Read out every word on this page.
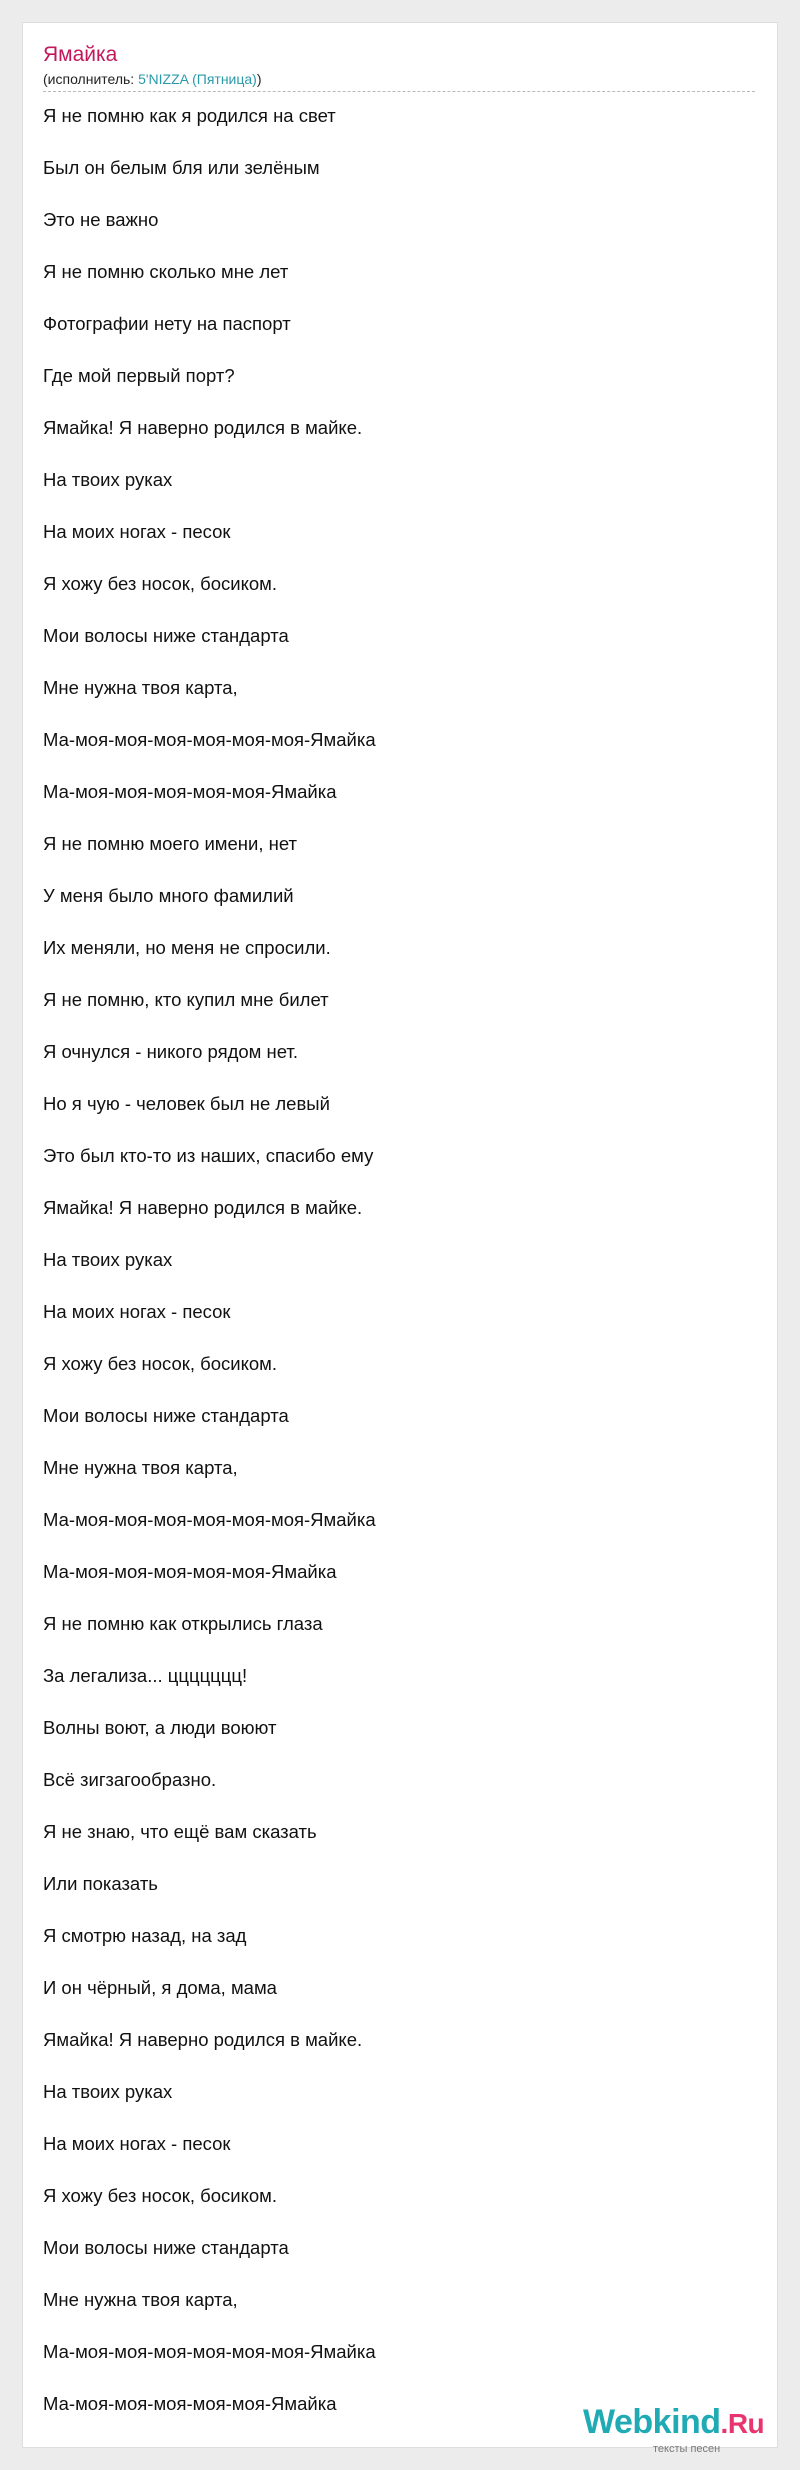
Ямайка
(исполнитель: 5'NIZZA (Пятница))
Я не помню как я родился на свет
Был он белым бля или зелёным
Это не важно
Я не помню сколько мне лет
Фотографии нету на паспорт
Где мой первый порт?
Ямайка! Я наверно родился в майке.
На твоих руках
На моих ногах - песок
Я хожу без носок, босиком.
Мои волосы ниже стандарта
Мне нужна твоя карта,
Ма-моя-моя-моя-моя-моя-моя-Ямайка
Ма-моя-моя-моя-моя-моя-Ямайка
Я не помню моего имени, нет
У меня было много фамилий
Их меняли, но меня не спросили.
Я не помню, кто купил мне билет
Я очнулся - никого рядом нет.
Но я чую - человек был не левый
Это был кто-то из наших, спасибо ему
Ямайка! Я наверно родился в майке.
На твоих руках
На моих ногах - песок
Я хожу без носок, босиком.
Мои волосы ниже стандарта
Мне нужна твоя карта,
Ма-моя-моя-моя-моя-моя-моя-Ямайка
Ма-моя-моя-моя-моя-моя-Ямайка
Я не помню как открылись глаза
За легализа... ццццццц!
Волны воют, а люди воюют
Всё зигзагообразно.
Я не знаю, что ещё вам сказать
Или показать
Я смотрю назад, на зад
И он чёрный, я дома, мама
Ямайка! Я наверно родился в майке.
На твоих руках
На моих ногах - песок
Я хожу без носок, босиком.
Мои волосы ниже стандарта
Мне нужна твоя карта,
Ма-моя-моя-моя-моя-моя-моя-Ямайка
Ма-моя-моя-моя-моя-моя-Ямайка	Webkind.Ru
тексты песен
